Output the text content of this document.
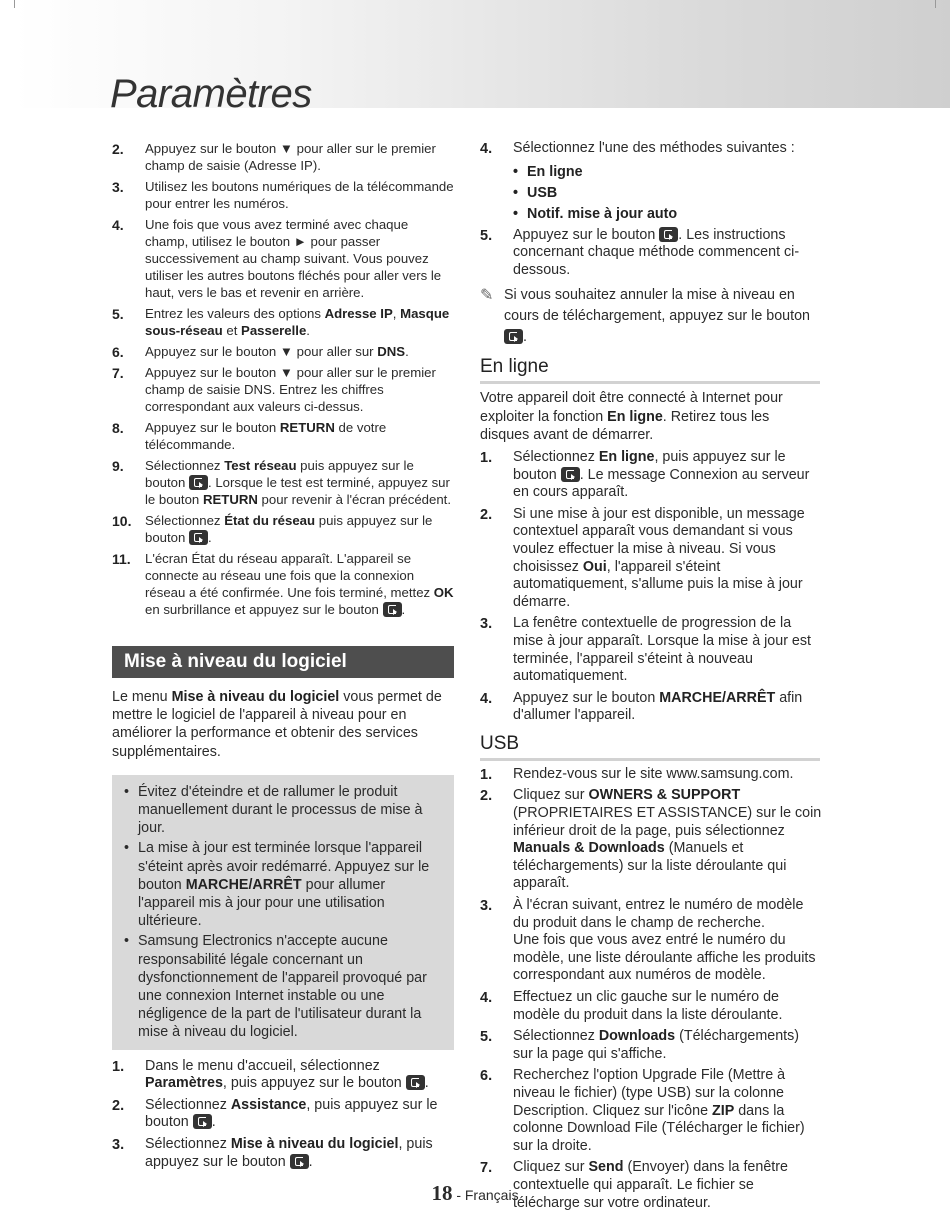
Paramètres
2. Appuyez sur le bouton ▼ pour aller sur le premier champ de saisie (Adresse IP).
3. Utilisez les boutons numériques de la télécommande pour entrer les numéros.
4. Une fois que vous avez terminé avec chaque champ, utilisez le bouton ► pour passer successivement au champ suivant. Vous pouvez utiliser les autres boutons fléchés pour aller vers le haut, vers le bas et revenir en arrière.
5. Entrez les valeurs des options Adresse IP, Masque sous-réseau et Passerelle.
6. Appuyez sur le bouton ▼ pour aller sur DNS.
7. Appuyez sur le bouton ▼ pour aller sur le premier champ de saisie DNS. Entrez les chiffres correspondant aux valeurs ci-dessus.
8. Appuyez sur le bouton RETURN de votre télécommande.
9. Sélectionnez Test réseau puis appuyez sur le bouton . Lorsque le test est terminé, appuyez sur le bouton RETURN pour revenir à l'écran précédent.
10. Sélectionnez État du réseau puis appuyez sur le bouton .
11. L'écran État du réseau apparaît. L'appareil se connecte au réseau une fois que la connexion réseau a été confirmée. Une fois terminé, mettez OK en surbrillance et appuyez sur le bouton .
Mise à niveau du logiciel

Le menu Mise à niveau du logiciel vous permet de mettre le logiciel de l'appareil à niveau pour en améliorer la performance et obtenir des services supplémentaires.

• Évitez d'éteindre et de rallumer le produit manuellement durant le processus de mise à jour.
• La mise à jour est terminée lorsque l'appareil s'éteint après avoir redémarré. Appuyez sur le bouton MARCHE/ARRÊT pour allumer l'appareil mis à jour pour une utilisation ultérieure.
• Samsung Electronics n'accepte aucune responsabilité légale concernant un dysfonctionnement de l'appareil provoqué par une connexion Internet instable ou une négligence de la part de l'utilisateur durant la mise à niveau du logiciel.
1. Dans le menu d'accueil, sélectionnez Paramètres, puis appuyez sur le bouton .
2. Sélectionnez Assistance, puis appuyez sur le bouton .
3. Sélectionnez Mise à niveau du logiciel, puis appuyez sur le bouton .
4. Sélectionnez l'une des méthodes suivantes :
• En ligne
• USB
• Notif. mise à jour auto
5. Appuyez sur le bouton . Les instructions concernant chaque méthode commencent ci-dessous.
✎ Si vous souhaitez annuler la mise à niveau en cours de téléchargement, appuyez sur le bouton .
En ligne

Votre appareil doit être connecté à Internet pour exploiter la fonction En ligne. Retirez tous les disques avant de démarrer.

1. Sélectionnez En ligne, puis appuyez sur le bouton . Le message Connexion au serveur en cours apparaît.
2. Si une mise à jour est disponible, un message contextuel apparaît vous demandant si vous voulez effectuer la mise à niveau. Si vous choisissez Oui, l'appareil s'éteint automatiquement, s'allume puis la mise à jour démarre.
3. La fenêtre contextuelle de progression de la mise à jour apparaît. Lorsque la mise à jour est terminée, l'appareil s'éteint à nouveau automatiquement.
4. Appuyez sur le bouton MARCHE/ARRÊT afin d'allumer l'appareil.
USB
1. Rendez-vous sur le site www.samsung.com.
2. Cliquez sur OWNERS & SUPPORT (PROPRIETAIRES ET ASSISTANCE) sur le coin inférieur droit de la page, puis sélectionnez Manuals & Downloads (Manuels et téléchargements) sur la liste déroulante qui apparaît.
3. À l'écran suivant, entrez le numéro de modèle du produit dans le champ de recherche.
Une fois que vous avez entré le numéro du modèle, une liste déroulante affiche les produits correspondant aux numéros de modèle.
4. Effectuez un clic gauche sur le numéro de modèle du produit dans la liste déroulante.
5. Sélectionnez Downloads (Téléchargements) sur la page qui s'affiche.
6. Recherchez l'option Upgrade File (Mettre à niveau le fichier) (type USB) sur la colonne Description. Cliquez sur l'icône ZIP dans la colonne Download File (Télécharger le fichier) sur la droite.
7. Cliquez sur Send (Envoyer) dans la fenêtre contextuelle qui apparaît. Le fichier se télécharge sur votre ordinateur.
18 - Français
